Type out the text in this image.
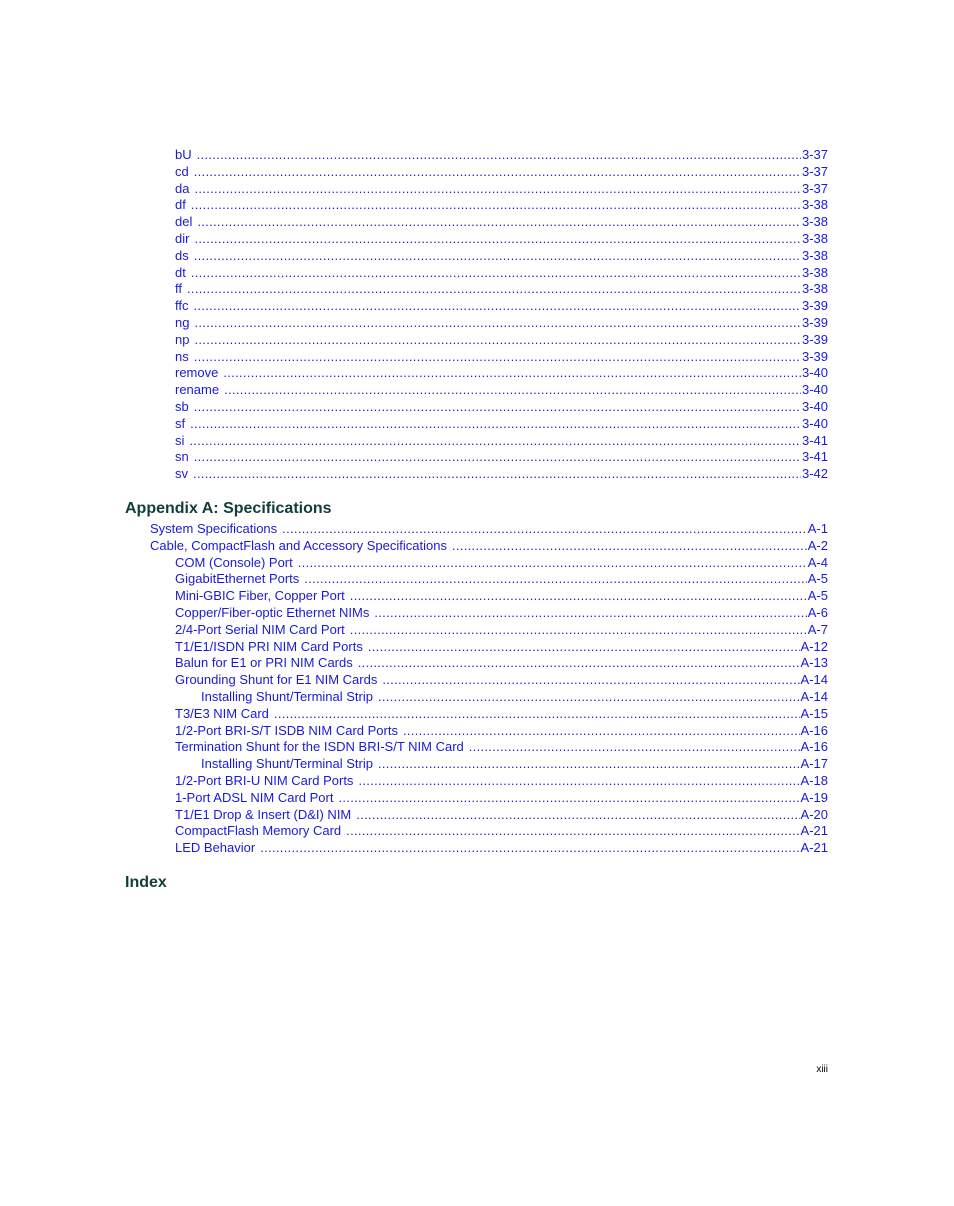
bU .....	3-37
cd .....	3-37
da .....	3-37
df .....	3-38
del .....	3-38
dir .....	3-38
ds .....	3-38
dt .....	3-38
ff .....	3-38
ffc .....	3-39
ng .....	3-39
np .....	3-39
ns .....	3-39
remove .....	3-40
rename .....	3-40
sb .....	3-40
sf .....	3-40
si .....	3-41
sn .....	3-41
sv .....	3-42
Appendix A: Specifications
System Specifications .....	A-1
Cable, CompactFlash and Accessory Specifications .....	A-2
COM (Console) Port .....	A-4
GigabitEthernet Ports .....	A-5
Mini-GBIC Fiber, Copper Port .....	A-5
Copper/Fiber-optic Ethernet NIMs .....	A-6
2/4-Port Serial NIM Card Port .....	A-7
T1/E1/ISDN PRI NIM Card Ports .....	A-12
Balun for E1 or PRI NIM Cards .....	A-13
Grounding Shunt for E1 NIM Cards .....	A-14
Installing Shunt/Terminal Strip .....	A-14
T3/E3 NIM Card .....	A-15
1/2-Port BRI-S/T ISDB NIM Card Ports .....	A-16
Termination Shunt for the ISDN BRI-S/T NIM Card .....	A-16
Installing Shunt/Terminal Strip .....	A-17
1/2-Port BRI-U NIM Card Ports .....	A-18
1-Port ADSL NIM Card Port .....	A-19
T1/E1 Drop & Insert (D&I) NIM .....	A-20
CompactFlash Memory Card .....	A-21
LED Behavior .....	A-21
Index
xiii
